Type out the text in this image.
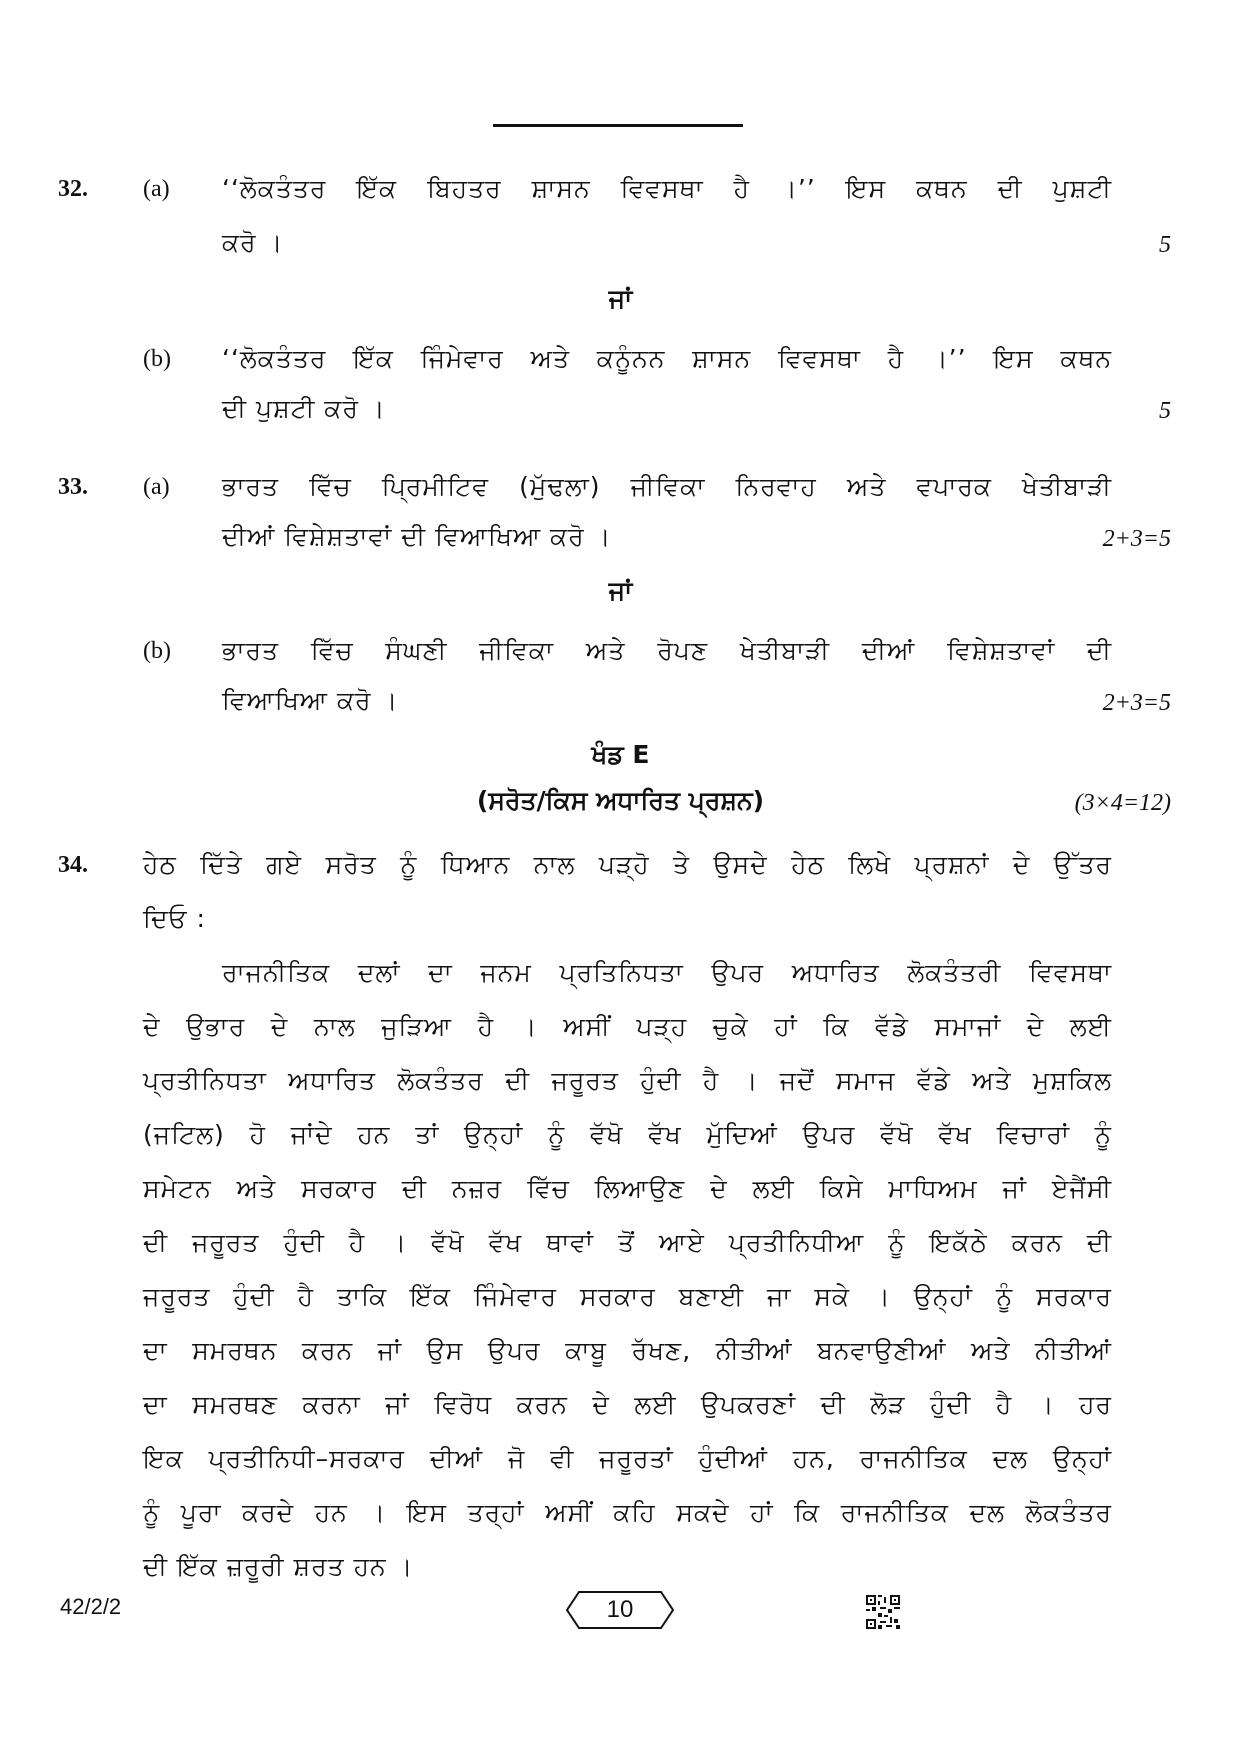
32. (a) ‘‘ਲੋਕਤੰਤਰ ਇੱਕ ਬਿਹਤਰ ਸ਼ਾਸਨ ਵਿਵਸਥਾ ਹੈ ।’’ ਇਸ ਕਥਨ ਦੀ ਪੁਸ਼ਟੀ
ਕਰੋ ।	5
ਜਾਂ
(b) ‘‘ਲੋਕਤੰਤਰ ਇੱਕ ਜਿੰਮੇਵਾਰ ਅਤੇ ਕਨੂੰਨਨ ਸ਼ਾਸਨ ਵਿਵਸਥਾ ਹੈ ।’’ ਇਸ ਕਥਨ
ਦੀ ਪੁਸ਼ਟੀ ਕਰੋ ।	5
33. (a) ਭਾਰਤ ਵਿੱਚ ਪ੍ਰਿਮੀਟਿਵ (ਮੁੱਢਲਾ) ਜੀਵਿਕਾ ਨਿਰਵਾਹ ਅਤੇ ਵਪਾਰਕ ਖੇਤੀਬਾੜੀ
ਦੀਆਂ ਵਿਸ਼ੇਸ਼ਤਾਵਾਂ ਦੀ ਵਿਆਖਿਆ ਕਰੋ ।	2+3=5
ਜਾਂ
(b) ਭਾਰਤ ਵਿੱਚ ਸੰਘਣੀ ਜੀਵਿਕਾ ਅਤੇ ਰੋਪਣ ਖੇਤੀਬਾੜੀ ਦੀਆਂ ਵਿਸ਼ੇਸ਼ਤਾਵਾਂ ਦੀ
ਵਿਆਖਿਆ ਕਰੋ ।	2+3=5
ਖੰਡ E
(ਸਰੋਤ/ਕਿਸ ਅਧਾਰਿਤ ਪ੍ਰਸ਼ਨ)	(3×4=12)
34. ਹੇਠ ਦਿੱਤੇ ਗਏ ਸਰੋਤ ਨੂੰ ਧਿਆਨ ਨਾਲ ਪੜ੍ਹੋ ਤੇ ਉਸਦੇ ਹੇਠ ਲਿਖੇ ਪ੍ਰਸ਼ਨਾਂ ਦੇ ਉੱਤਰ
ਦਿਓ :
ਰਾਜਨੀਤਿਕ ਦਲਾਂ ਦਾ ਜਨਮ ਪ੍ਰਤਿਨਿਧਤਾ ਉਪਰ ਅਧਾਰਿਤ ਲੋਕਤੰਤਰੀ ਵਿਵਸਥਾ
ਦੇ ਉਭਾਰ ਦੇ ਨਾਲ ਜੁੜਿਆ ਹੈ । ਅਸੀਂ ਪੜ੍ਹ ਚੁਕੇ ਹਾਂ ਕਿ ਵੱਡੇ ਸਮਾਜਾਂ ਦੇ ਲਈ
ਪ੍ਰਤੀਨਿਧਤਾ ਅਧਾਰਿਤ ਲੋਕਤੰਤਰ ਦੀ ਜਰੂਰਤ ਹੁੰਦੀ ਹੈ । ਜਦੋਂ ਸਮਾਜ ਵੱਡੇ ਅਤੇ ਮੁਸ਼ਕਿਲ
(ਜਟਿਲ) ਹੋ ਜਾਂਦੇ ਹਨ ਤਾਂ ਉਨ੍ਹਾਂ ਨੂੰ ਵੱਖੋ ਵੱਖ ਮੁੱਦਿਆਂ ਉਪਰ ਵੱਖੋ ਵੱਖ ਵਿਚਾਰਾਂ ਨੂੰ
ਸਮੇਟਨ ਅਤੇ ਸਰਕਾਰ ਦੀ ਨਜ਼ਰ ਵਿੱਚ ਲਿਆਉਣ ਦੇ ਲਈ ਕਿਸੇ ਮਾਧਿਅਮ ਜਾਂ ਏਜੈਂਸੀ
ਦੀ ਜਰੂਰਤ ਹੁੰਦੀ ਹੈ । ਵੱਖੋ ਵੱਖ ਥਾਵਾਂ ਤੋਂ ਆਏ ਪ੍ਰਤੀਨਿਧੀਆ ਨੂੰ ਇਕੱਠੇ ਕਰਨ ਦੀ
ਜਰੂਰਤ ਹੁੰਦੀ ਹੈ ਤਾਕਿ ਇੱਕ ਜਿੰਮੇਵਾਰ ਸਰਕਾਰ ਬਣਾਈ ਜਾ ਸਕੇ । ਉਨ੍ਹਾਂ ਨੂੰ ਸਰਕਾਰ
ਦਾ ਸਮਰਥਨ ਕਰਨ ਜਾਂ ਉਸ ਉਪਰ ਕਾਬੂ ਰੱਖਣ, ਨੀਤੀਆਂ ਬਨਵਾਉਣੀਆਂ ਅਤੇ ਨੀਤੀਆਂ
ਦਾ ਸਮਰਥਣ ਕਰਨਾ ਜਾਂ ਵਿਰੋਧ ਕਰਨ ਦੇ ਲਈ ਉਪਕਰਣਾਂ ਦੀ ਲੋੜ ਹੁੰਦੀ ਹੈ । ਹਰ
ਇਕ ਪ੍ਰਤੀਨਿਧੀ–ਸਰਕਾਰ ਦੀਆਂ ਜੋ ਵੀ ਜਰੂਰਤਾਂ ਹੁੰਦੀਆਂ ਹਨ, ਰਾਜਨੀਤਿਕ ਦਲ ਉਨ੍ਹਾਂ
ਨੂੰ ਪੂਰਾ ਕਰਦੇ ਹਨ । ਇਸ ਤਰ੍ਹਾਂ ਅਸੀਂ ਕਹਿ ਸਕਦੇ ਹਾਂ ਕਿ ਰਾਜਨੀਤਿਕ ਦਲ ਲੋਕਤੰਤਰ
ਦੀ ਇੱਕ ਜ਼ਰੂਰੀ ਸ਼ਰਤ ਹਨ ।
42/2/2	10
